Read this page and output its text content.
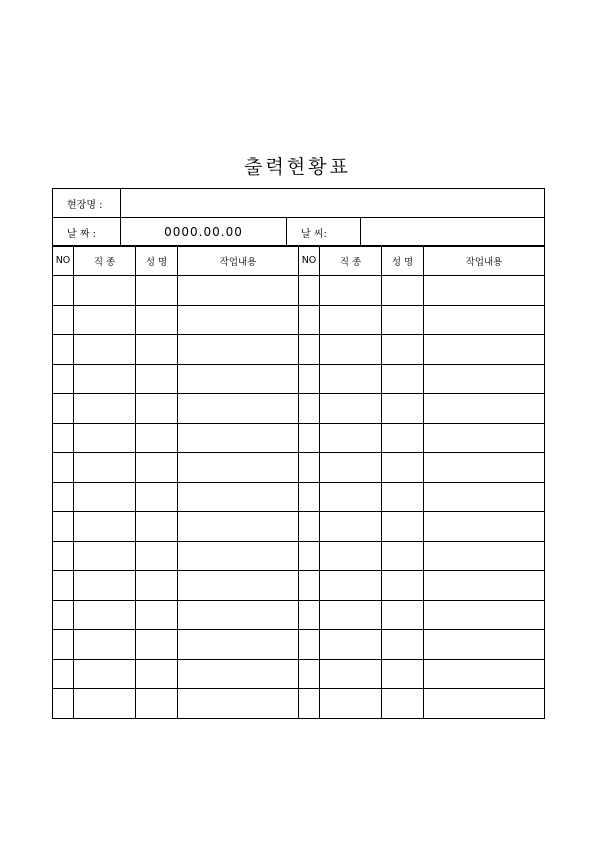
출력현황표
현장명 :			
날 짜 :	0000.00.00	날 씨:	
NO	직 종	성 명	작업내용	NO	직 종	성 명	작업내용
